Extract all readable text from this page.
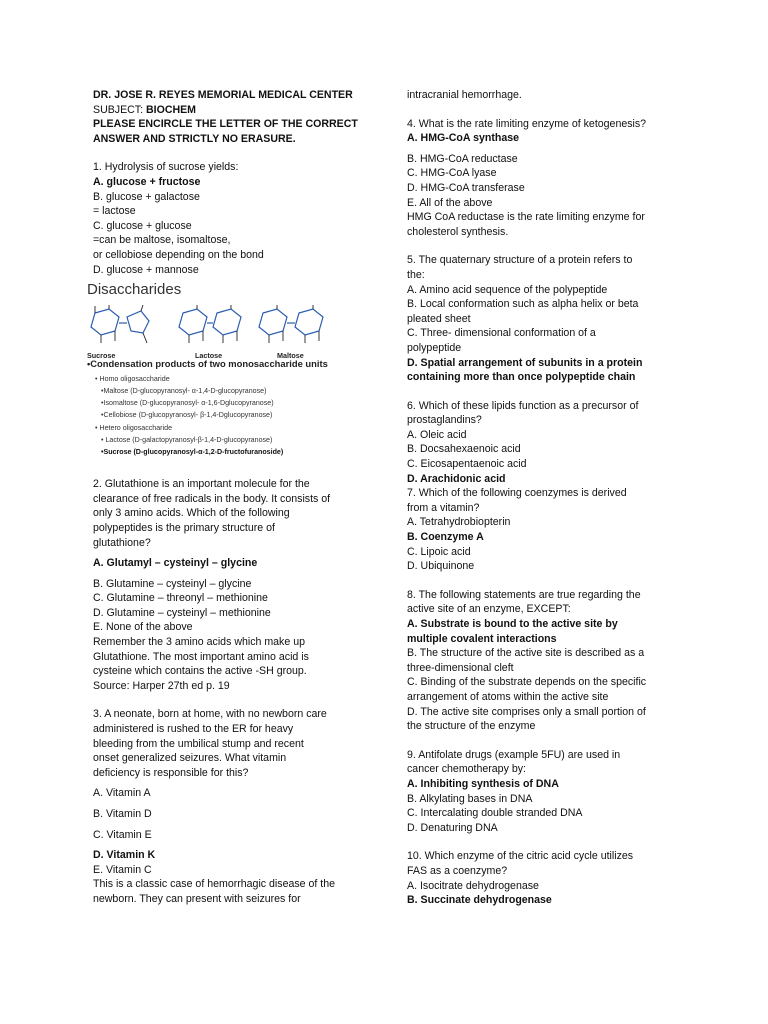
DR. JOSE R. REYES MEMORIAL MEDICAL CENTER
SUBJECT: BIOCHEM
PLEASE ENCIRCLE THE LETTER OF THE CORRECT
ANSWER AND STRICTLY NO ERASURE.
1. Hydrolysis of sucrose yields:
A. glucose + fructose
B. glucose + galactose
= lactose
C. glucose + glucose
=can be maltose, isomaltose,
or cellobiose depending on the bond
D. glucose + mannose
Disaccharides
Sucrose	Lactose	Maltose
•Condensation products of two monosaccharide units
• Homo oligosaccharide
•Maltose (D-glucopyranosyl- α-1,4-D-glucopyranose)
•Isomaltose (D-glucopyranosyl- α-1,6-Dglucopyranose)
•Cellobiose (D-glucopyranosyl- β-1,4-Dglucopyranose)
• Hetero oligosaccharide
• Lactose (D-galactopyranosyl-β-1,4-D-glucopyranose)
•Sucrose (D-glucopyranosyl-α-1,2-D-fructofuranoside)
2. Glutathione is an important molecule for the
clearance of free radicals in the body. It consists of
only 3 amino acids. Which of the following
polypeptides is the primary structure of
glutathione?
A. Glutamyl – cysteinyl – glycine
B. Glutamine – cysteinyl – glycine
C. Glutamine – threonyl – methionine
D. Glutamine – cysteinyl – methionine
E. None of the above
Remember the 3 amino acids which make up
Glutathione. The most important amino acid is
cysteine which contains the active -SH group.
Source: Harper 27th ed p. 19
3. A neonate, born at home, with no newborn care
administered is rushed to the ER for heavy
bleeding from the umbilical stump and recent
onset generalized seizures. What vitamin
deficiency is responsible for this?
A. Vitamin A
B. Vitamin D
C. Vitamin E
D. Vitamin K
E. Vitamin C
This is a classic case of hemorrhagic disease of the
newborn. They can present with seizures for
intracranial hemorrhage.
4. What is the rate limiting enzyme of ketogenesis?
A. HMG-CoA synthase
B. HMG-CoA reductase
C. HMG-CoA lyase
D. HMG-CoA transferase
E. All of the above
HMG CoA reductase is the rate limiting enzyme for
cholesterol synthesis.
5. The quaternary structure of a protein refers to
the:
A. Amino acid sequence of the polypeptide
B. Local conformation such as alpha helix or beta
pleated sheet
C. Three- dimensional conformation of a
polypeptide
D. Spatial arrangement of subunits in a protein
containing more than once polypeptide chain
6. Which of these lipids function as a precursor of
prostaglandins?
A. Oleic acid
B. Docsahexaenoic acid
C. Eicosapentaenoic acid
D. Arachidonic acid
7. Which of the following coenzymes is derived
from a vitamin?
A. Tetrahydrobiopterin
B. Coenzyme A
C. Lipoic acid
D. Ubiquinone
8. The following statements are true regarding the
active site of an enzyme, EXCEPT:
A. Substrate is bound to the active site by
multiple covalent interactions
B. The structure of the active site is described as a
three-dimensional cleft
C. Binding of the substrate depends on the specific
arrangement of atoms within the active site
D. The active site comprises only a small portion of
the structure of the enzyme
9. Antifolate drugs (example 5FU) are used in
cancer chemotherapy by:
A. Inhibiting synthesis of DNA
B. Alkylating bases in DNA
C. Intercalating double stranded DNA
D. Denaturing DNA
10. Which enzyme of the citric acid cycle utilizes
FAS as a coenzyme?
A. Isocitrate dehydrogenase
B. Succinate dehydrogenase
